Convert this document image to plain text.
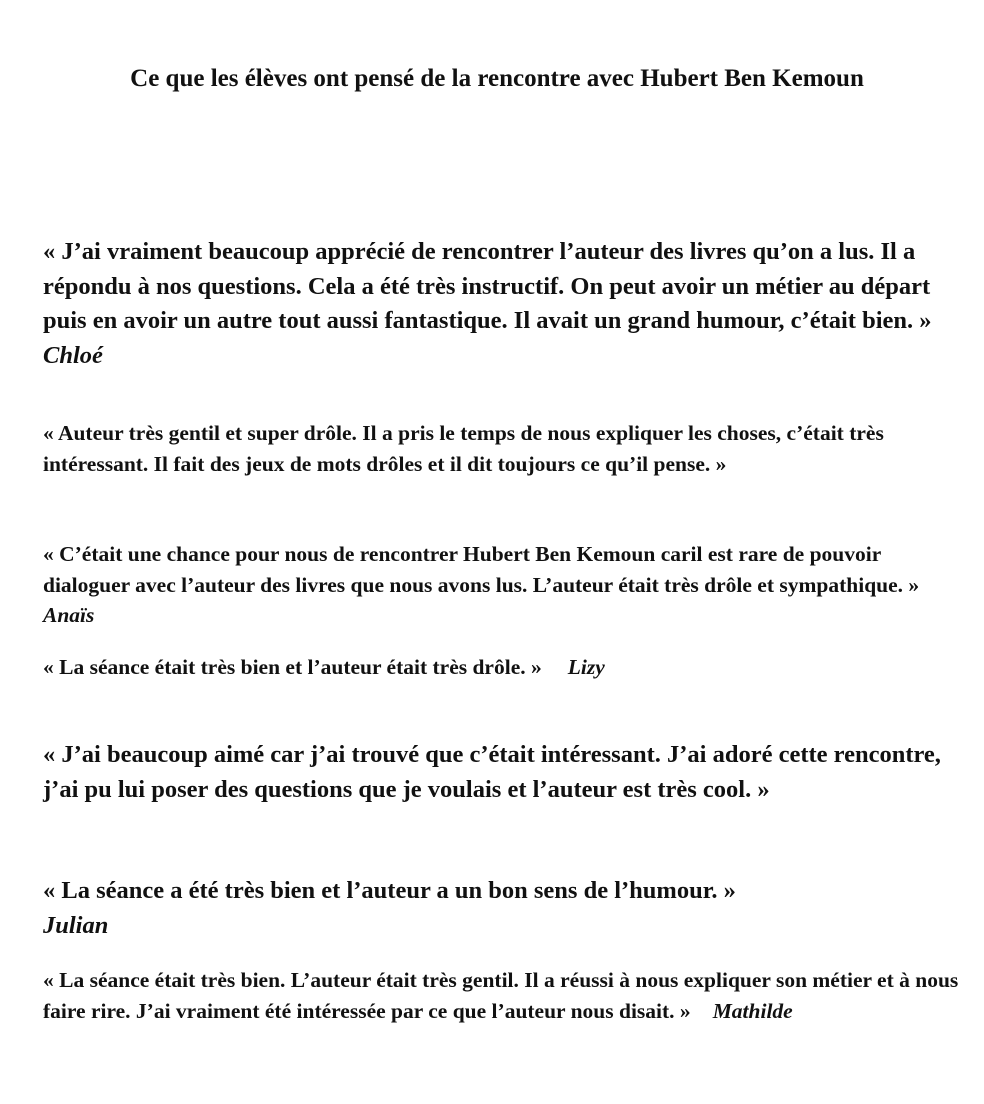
Ce que les élèves ont pensé de la rencontre avec Hubert Ben Kemoun

« J’ai vraiment beaucoup apprécié de rencontrer l’auteur des livres qu’on a lus. Il a répondu à nos questions. Cela a été très instructif. On peut avoir un métier au départ puis en avoir un autre tout aussi fantastique. Il avait un grand humour, c’était bien. »Chloé

« Auteur très gentil et super drôle. Il a pris le temps de nous expliquer les choses, c’était très intéressant. Il fait des jeux de mots drôles et il dit toujours ce qu’il pense. »

« C’était une chance pour nous de rencontrer Hubert Ben Kemoun caril est rare de pouvoir dialoguer avec l’auteur des livres que nous avons lus. L’auteur était très drôle et sympathique. »Anaïs

« La séance était très bien et l’auteur était très drôle. » Lizy

« J’ai beaucoup aimé car j’ai trouvé que c’était intéressant. J’ai adoré cette rencontre, j’ai pu lui poser des questions que je voulais et l’auteur est très cool. »

« La séance a été très bien et l’auteur a un bon sens de l’humour. »
Julian

« La séance était très bien. L’auteur était très gentil. Il a réussi à nous expliquer son métier et à nous faire rire. J’ai vraiment été intéressée par ce que l’auteur nous disait. » Mathilde
